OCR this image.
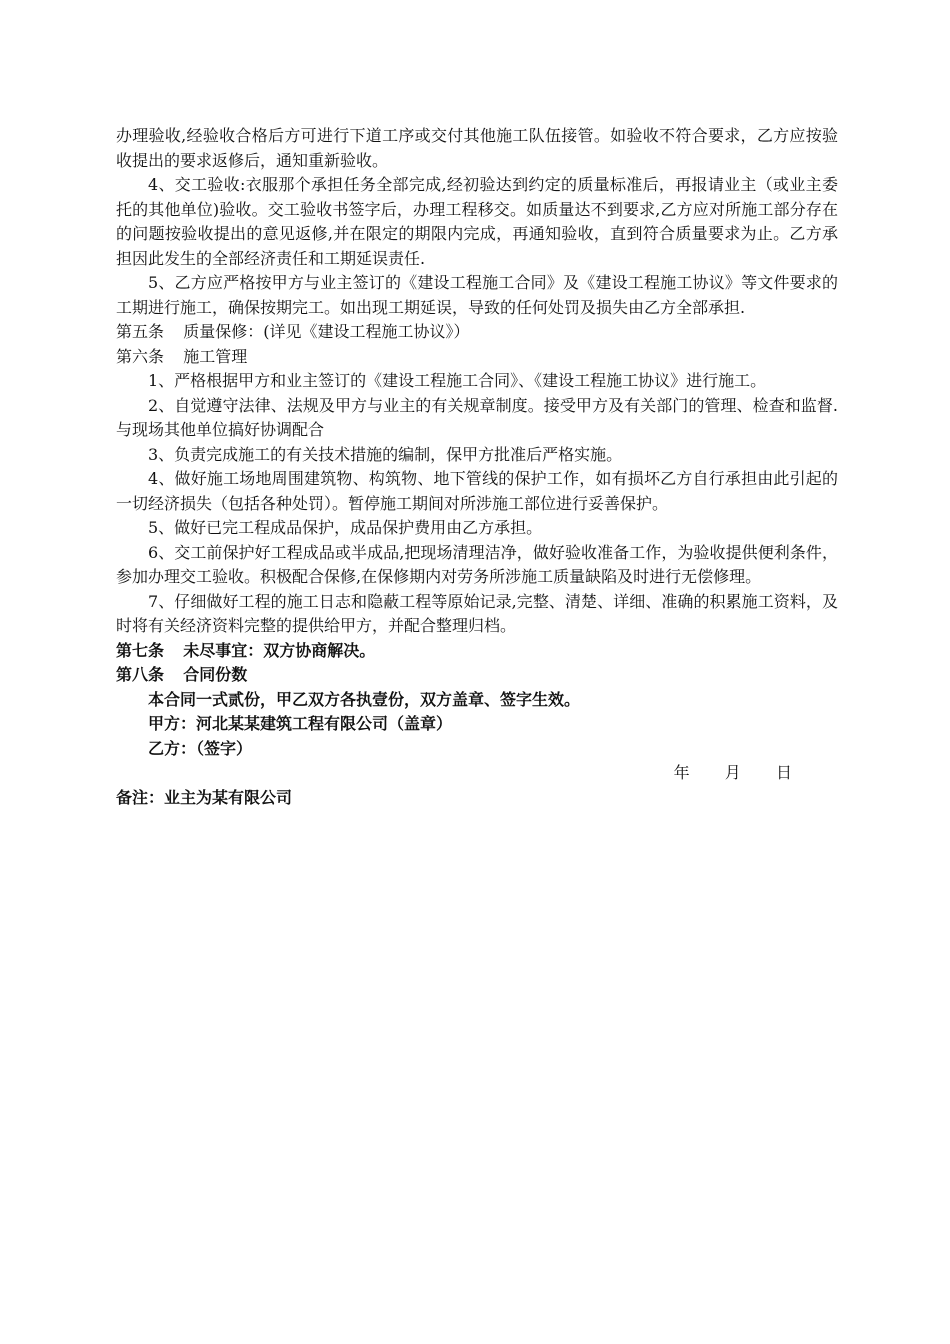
办理验收,经验收合格后方可进行下道工序或交付其他施工队伍接管。如验收不符合要求，乙方应按验收提出的要求返修后，通知重新验收。

4、交工验收:衣服那个承担任务全部完成,经初验达到约定的质量标准后，再报请业主（或业主委托的其他单位)验收。交工验收书签字后，办理工程移交。如质量达不到要求,乙方应对所施工部分存在的问题按验收提出的意见返修,并在限定的期限内完成，再通知验收，直到符合质量要求为止。乙方承担因此发生的全部经济责任和工期延误责任.

5、乙方应严格按甲方与业主签订的《建设工程施工合同》及《建设工程施工协议》等文件要求的工期进行施工，确保按期完工。如出现工期延误，导致的任何处罚及损失由乙方全部承担.

第五条 质量保修：(详见《建设工程施工协议》）

第六条 施工管理

1、严格根据甲方和业主签订的《建设工程施工合同》、《建设工程施工协议》进行施工。

2、自觉遵守法律、法规及甲方与业主的有关规章制度。接受甲方及有关部门的管理、检查和监督.与现场其他单位搞好协调配合

3、负责完成施工的有关技术措施的编制，保甲方批准后严格实施。

4、做好施工场地周围建筑物、构筑物、地下管线的保护工作，如有损坏乙方自行承担由此引起的一切经济损失（包括各种处罚）。暂停施工期间对所涉施工部位进行妥善保护。

5、做好已完工程成品保护，成品保护费用由乙方承担。

6、交工前保护好工程成品或半成品,把现场清理洁净，做好验收准备工作，为验收提供便利条件，参加办理交工验收。积极配合保修,在保修期内对劳务所涉施工质量缺陷及时进行无偿修理。

7、仔细做好工程的施工日志和隐蔽工程等原始记录,完整、清楚、详细、准确的积累施工资料，及时将有关经济资料完整的提供给甲方，并配合整理归档。

第七条 未尽事宜：双方协商解决。

第八条 合同份数

本合同一式贰份，甲乙双方各执壹份，双方盖章、签字生效。

甲方：河北某某建筑工程有限公司（盖章）

乙方：（签字）

年 月 日

备注：业主为某有限公司
